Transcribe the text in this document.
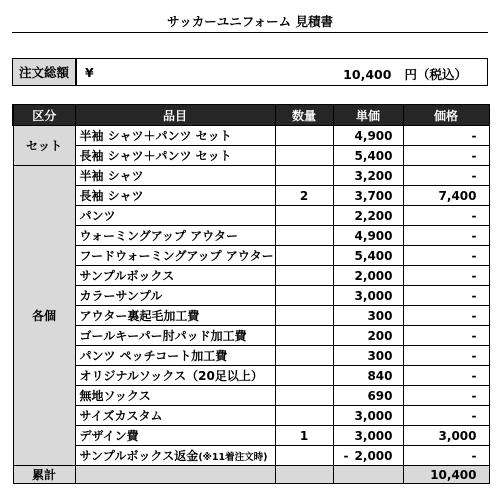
サッカーユニフォーム 見積書
注文総額	¥	10,400 円（税込）
区分	品目	数量	単価	価格
セット	半袖 シャツ＋パンツ セット		4,900	-
	長袖 シャツ＋パンツ セット		5,400	-
各個	半袖 シャツ		3,200	-
	長袖 シャツ	2	3,700	7,400
	パンツ		2,200	-
	ウォーミングアップ アウター		4,900	-
	フードウォーミングアップ アウター		5,400	-
	サンプルボックス		2,000	-
	カラーサンプル		3,000	-
	アウター裏起毛加工費		300	-
	ゴールキーパー肘パッド加工費		200	-
	パンツ ペッチコート加工費		300	-
	オリジナルソックス（20足以上）		840	-
	無地ソックス		690	-
	サイズカスタム		3,000	-
	デザイン費	1	3,000	3,000
	サンプルボックス返金(※11着注文時)		- 2,000	-
累計				10,400
